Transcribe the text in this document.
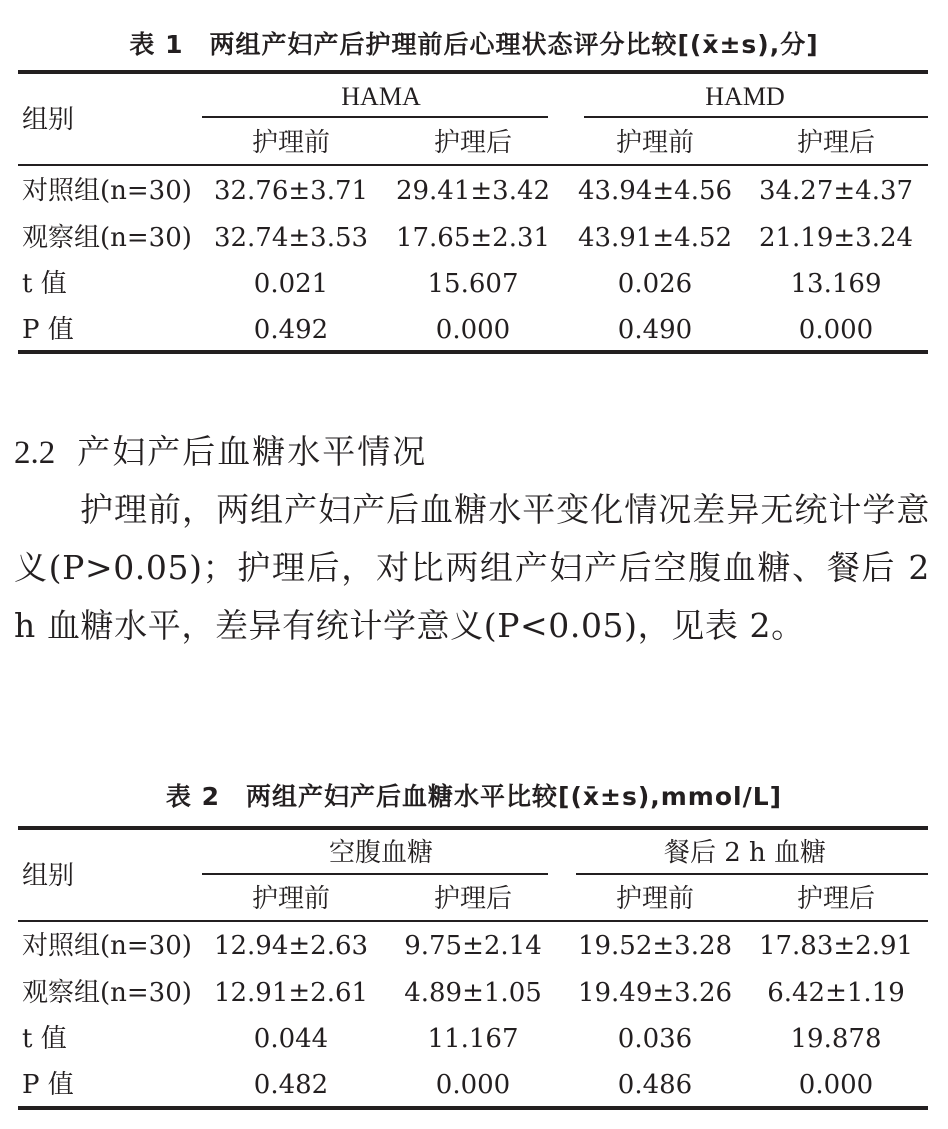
表 1 两组产妇产后护理前后心理状态评分比较[(x̄±s),分]
组别
HAMA	HAMD
护理前	护理后	护理前	护理后
对照组(n=30) 32.76±3.71 29.41±3.42 43.94±4.56 34.27±4.37
观察组(n=30) 32.74±3.53 17.65±2.31 43.91±4.52 21.19±3.24
t 值	0.021	15.607	0.026	13.169
P 值	0.492	0.000	0.490	0.000
2.2 产妇产后血糖水平情况
护理前，两组产妇产后血糖水平变化情况差异无统计学意义(P>0.05)；护理后，对比两组产妇产后空腹血糖、餐后 2 h 血糖水平，差异有统计学意义(P<0.05)，见表 2。
表 2 两组产妇产后血糖水平比较[(x̄±s),mmol/L]
组别
空腹血糖	餐后 2 h 血糖
护理前	护理后	护理前	护理后
对照组(n=30) 12.94±2.63 9.75±2.14 19.52±3.28 17.83±2.91
观察组(n=30) 12.91±2.61 4.89±1.05 19.49±3.26 6.42±1.19
t 值	0.044	11.167	0.036	19.878
P 值	0.482	0.000	0.486	0.000
